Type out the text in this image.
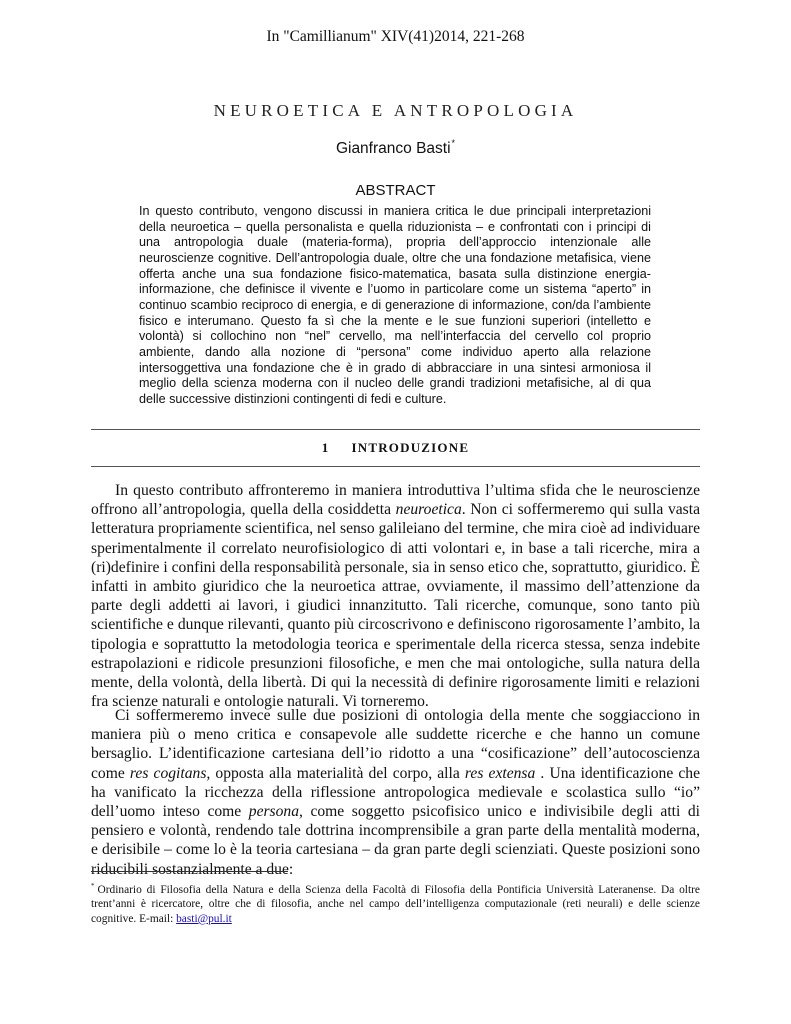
In "Camillianum" XIV(41)2014, 221-268
NEUROETICA E ANTROPOLOGIA
Gianfranco Basti*
ABSTRACT

In questo contributo, vengono discussi in maniera critica le due principali interpretazioni della neuroetica – quella personalista e quella riduzionista – e confrontati con i principi di una antropologia duale (materia-forma), propria dell’approccio intenzionale alle neuroscienze cognitive. Dell’antropologia duale, oltre che una fondazione metafisica, viene offerta anche una sua fondazione fisico-matematica, basata sulla distinzione energia-informazione, che definisce il vivente e l’uomo in particolare come un sistema “aperto” in continuo scambio reciproco di energia, e di generazione di informazione, con/da l’ambiente fisico e interumano. Questo fa sì che la mente e le sue funzioni superiori (intelletto e volontà) si collochino non “nel” cervello, ma nell’interfaccia del cervello col proprio ambiente, dando alla nozione di “persona” come individuo aperto alla relazione intersoggettiva una fondazione che è in grado di abbracciare in una sintesi armoniosa il meglio della scienza moderna con il nucleo delle grandi tradizioni metafisiche, al di qua delle successive distinzioni contingenti di fedi e culture.

1 INTRODUZIONE

In questo contributo affronteremo in maniera introduttiva l’ultima sfida che le neuroscienze offrono all’antropologia, quella della cosiddetta neuroetica. Non ci soffermeremo qui sulla vasta letteratura propriamente scientifica, nel senso galileiano del termine, che mira cioè ad individuare sperimentalmente il correlato neurofisiologico di atti volontari e, in base a tali ricerche, mira a (ri)definire i confini della responsabilità personale, sia in senso etico che, soprattutto, giuridico. È infatti in ambito giuridico che la neuroetica attrae, ovviamente, il massimo dell’attenzione da parte degli addetti ai lavori, i giudici innanzitutto. Tali ricerche, comunque, sono tanto più scientifiche e dunque rilevanti, quanto più circoscrivono e definiscono rigorosamente l’ambito, la tipologia e soprattutto la metodologia teorica e sperimentale della ricerca stessa, senza indebite estrapolazioni e ridicole presunzioni filosofiche, e men che mai ontologiche, sulla natura della mente, della volontà, della libertà. Di qui la necessità di definire rigorosamente limiti e relazioni fra scienze naturali e ontologie naturali. Vi torneremo.

Ci soffermeremo invece sulle due posizioni di ontologia della mente che soggiacciono in maniera più o meno critica e consapevole alle suddette ricerche e che hanno un comune bersaglio. L’identificazione cartesiana dell’io ridotto a una “cosificazione” dell’autocoscienza come res cogitans, opposta alla materialità del corpo, alla res extensa . Una identificazione che ha vanificato la ricchezza della riflessione antropologica medievale e scolastica sullo “io” dell’uomo inteso come persona, come soggetto psicofisico unico e indivisibile degli atti di pensiero e volontà, rendendo tale dottrina incomprensibile a gran parte della mentalità moderna, e derisibile – come lo è la teoria cartesiana – da gran parte degli scienziati. Queste posizioni sono riducibili sostanzialmente a due:

* Ordinario di Filosofia della Natura e della Scienza della Facoltà di Filosofia della Pontificia Università Lateranense. Da oltre trent’anni è ricercatore, oltre che di filosofia, anche nel campo dell’intelligenza computazionale (reti neurali) e delle scienze cognitive. E-mail: basti@pul.it
